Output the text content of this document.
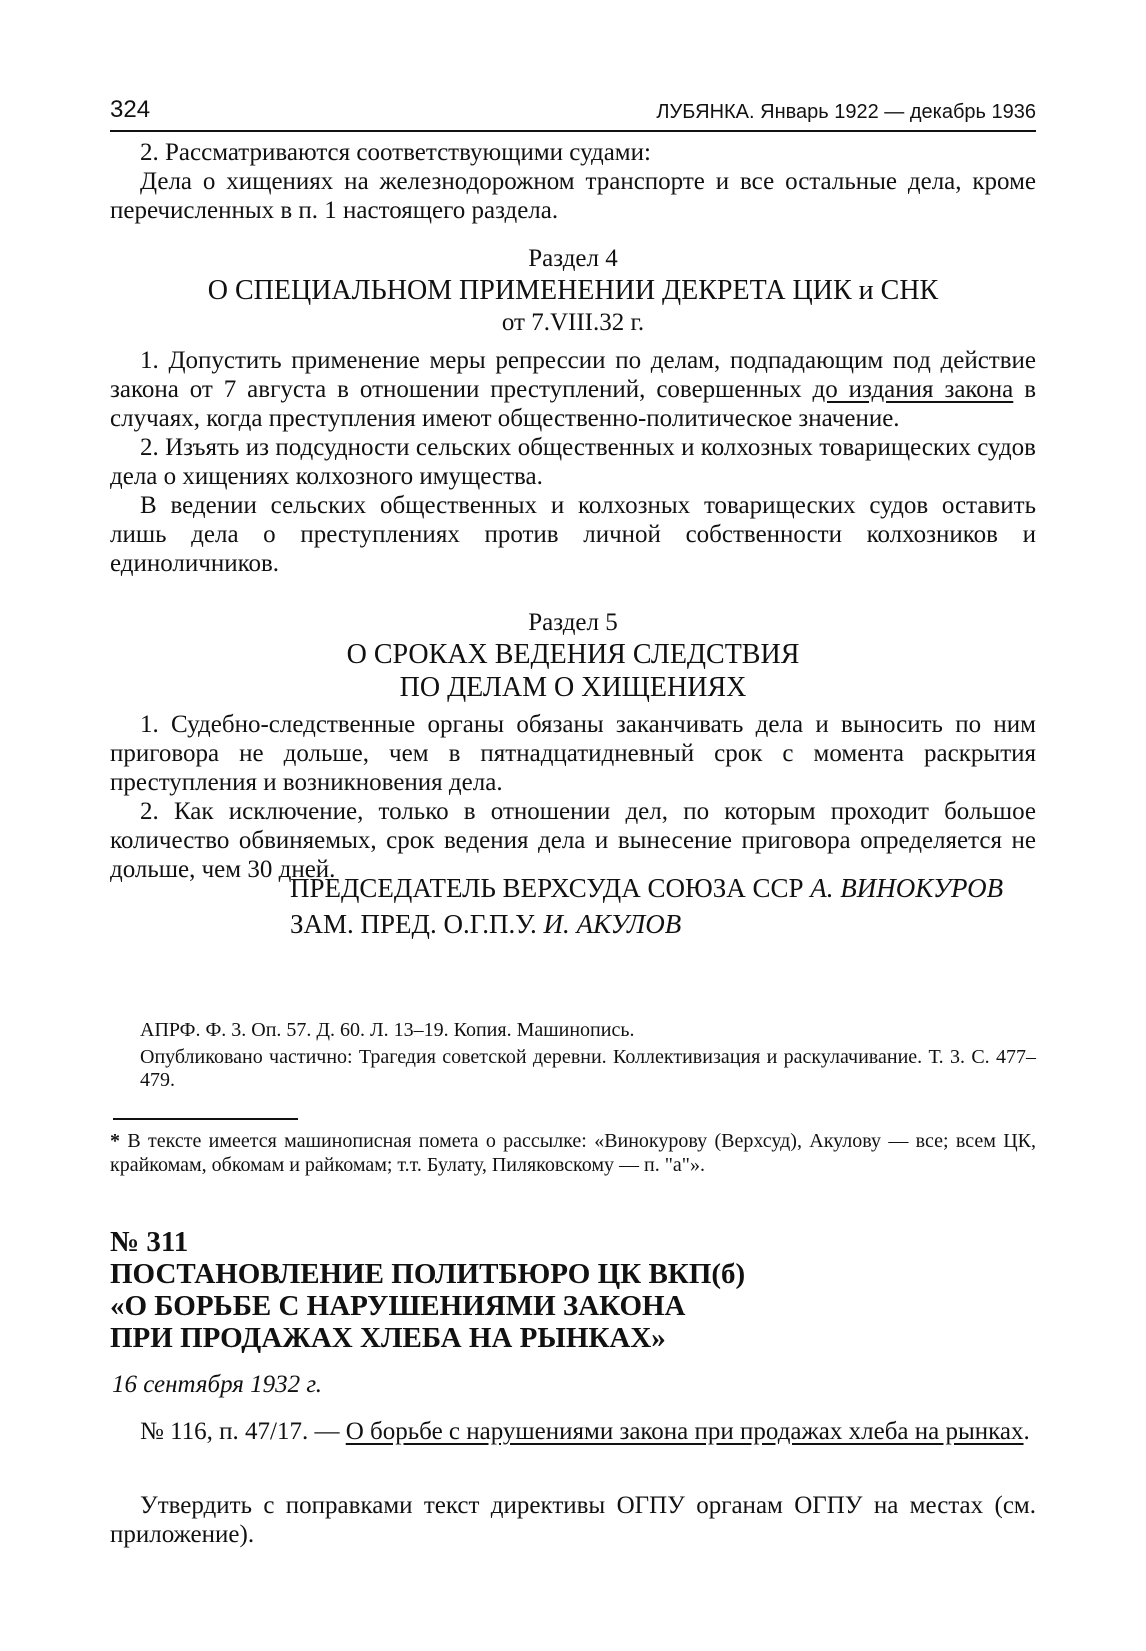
324	ЛУБЯНКА. Январь 1922 — декабрь 1936

2. Рассматриваются соответствующими судами:

Дела о хищениях на железнодорожном транспорте и все остальные дела, кроме перечисленных в п. 1 настоящего раздела.

Раздел 4
О СПЕЦИАЛЬНОМ ПРИМЕНЕНИИ ДЕКРЕТА ЦИК и СНК
от 7.VIII.32 г.

1. Допустить применение меры репрессии по делам, подпадающим под действие закона от 7 августа в отношении преступлений, совершенных до издания закона в случаях, когда преступления имеют общественно-политическое значение.

2. Изъять из подсудности сельских общественных и колхозных товарищеских судов дела о хищениях колхозного имущества.

В ведении сельских общественных и колхозных товарищеских судов оставить лишь дела о преступлениях против личной собственности колхозников и единоличников.

Раздел 5
О СРОКАХ ВЕДЕНИЯ СЛЕДСТВИЯ
ПО ДЕЛАМ О ХИЩЕНИЯХ

1. Судебно-следственные органы обязаны заканчивать дела и выносить по ним приговора не дольше, чем в пятнадцатидневный срок с момента раскрытия преступления и возникновения дела.

2. Как исключение, только в отношении дел, по которым проходит большое количество обвиняемых, срок ведения дела и вынесение приговора определяется не дольше, чем 30 дней.

ПРЕДСЕДАТЕЛЬ ВЕРХСУДА СОЮЗА ССР А. ВИНОКУРОВ
ЗАМ. ПРЕД. О.Г.П.У. И. АКУЛОВ

АПРФ. Ф. 3. Оп. 57. Д. 60. Л. 13–19. Копия. Машинопись.

Опубликовано частично: Трагедия советской деревни. Коллективизация и раскулачивание. Т. 3. С. 477–479.

* В тексте имеется машинописная помета о рассылке: «Винокурову (Верхсуд), Акулову — все; всем ЦК, крайкомам, обкомам и райкомам; т.т. Булату, Пиляковскому — п. "а"».
№ 311
ПОСТАНОВЛЕНИЕ ПОЛИТБЮРО ЦК ВКП(б)
«О БОРЬБЕ С НАРУШЕНИЯМИ ЗАКОНА
ПРИ ПРОДАЖАХ ХЛЕБА НА РЫНКАХ»
16 сентября 1932 г.

№ 116, п. 47/17. — О борьбе с нарушениями закона при продажах хлеба на рынках.

Утвердить с поправками текст директивы ОГПУ органам ОГПУ на местах (см. приложение).
